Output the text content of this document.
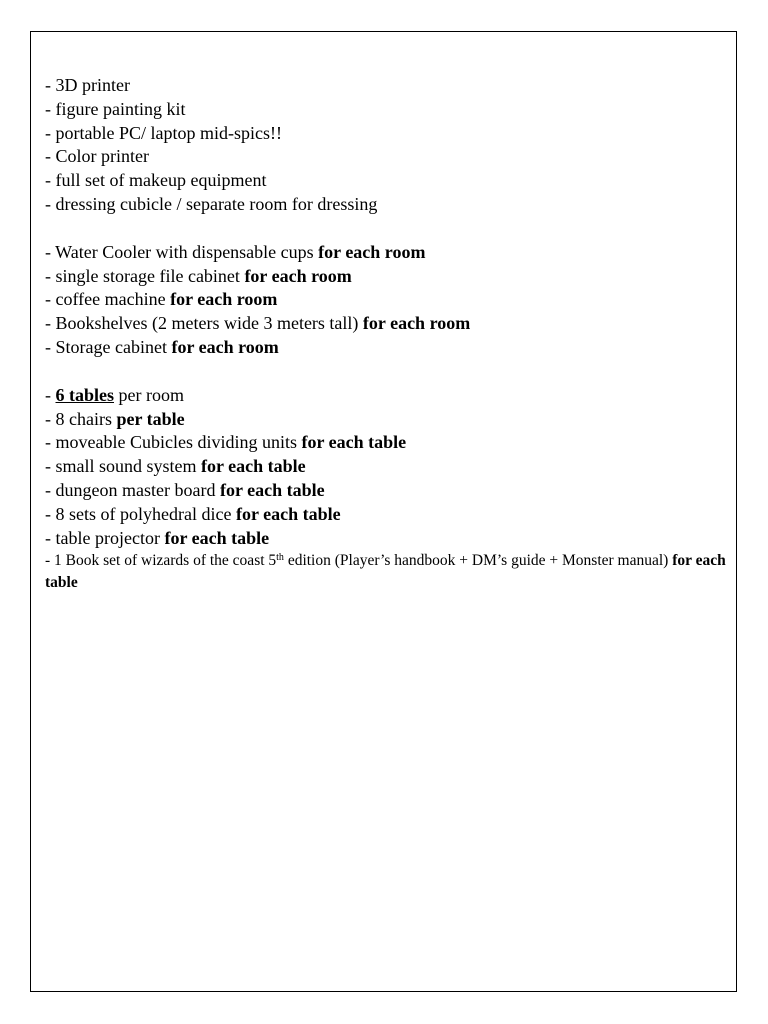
- 3D printer
- figure painting kit
- portable PC/ laptop mid-spics!!
- Color printer
- full set of makeup equipment
- dressing cubicle / separate room for dressing
- Water Cooler with dispensable cups for each room
- single storage file cabinet for each room
- coffee machine for each room
- Bookshelves (2 meters wide 3 meters tall) for each room
- Storage cabinet for each room
- 6 tables per room
- 8 chairs per table
- moveable Cubicles dividing units for each table
- small sound system for each table
- dungeon master board for each table
- 8 sets of polyhedral dice for each table
- table projector for each table
- 1 Book set of wizards of the coast 5th edition (Player’s handbook + DM’s guide + Monster manual) for each table
